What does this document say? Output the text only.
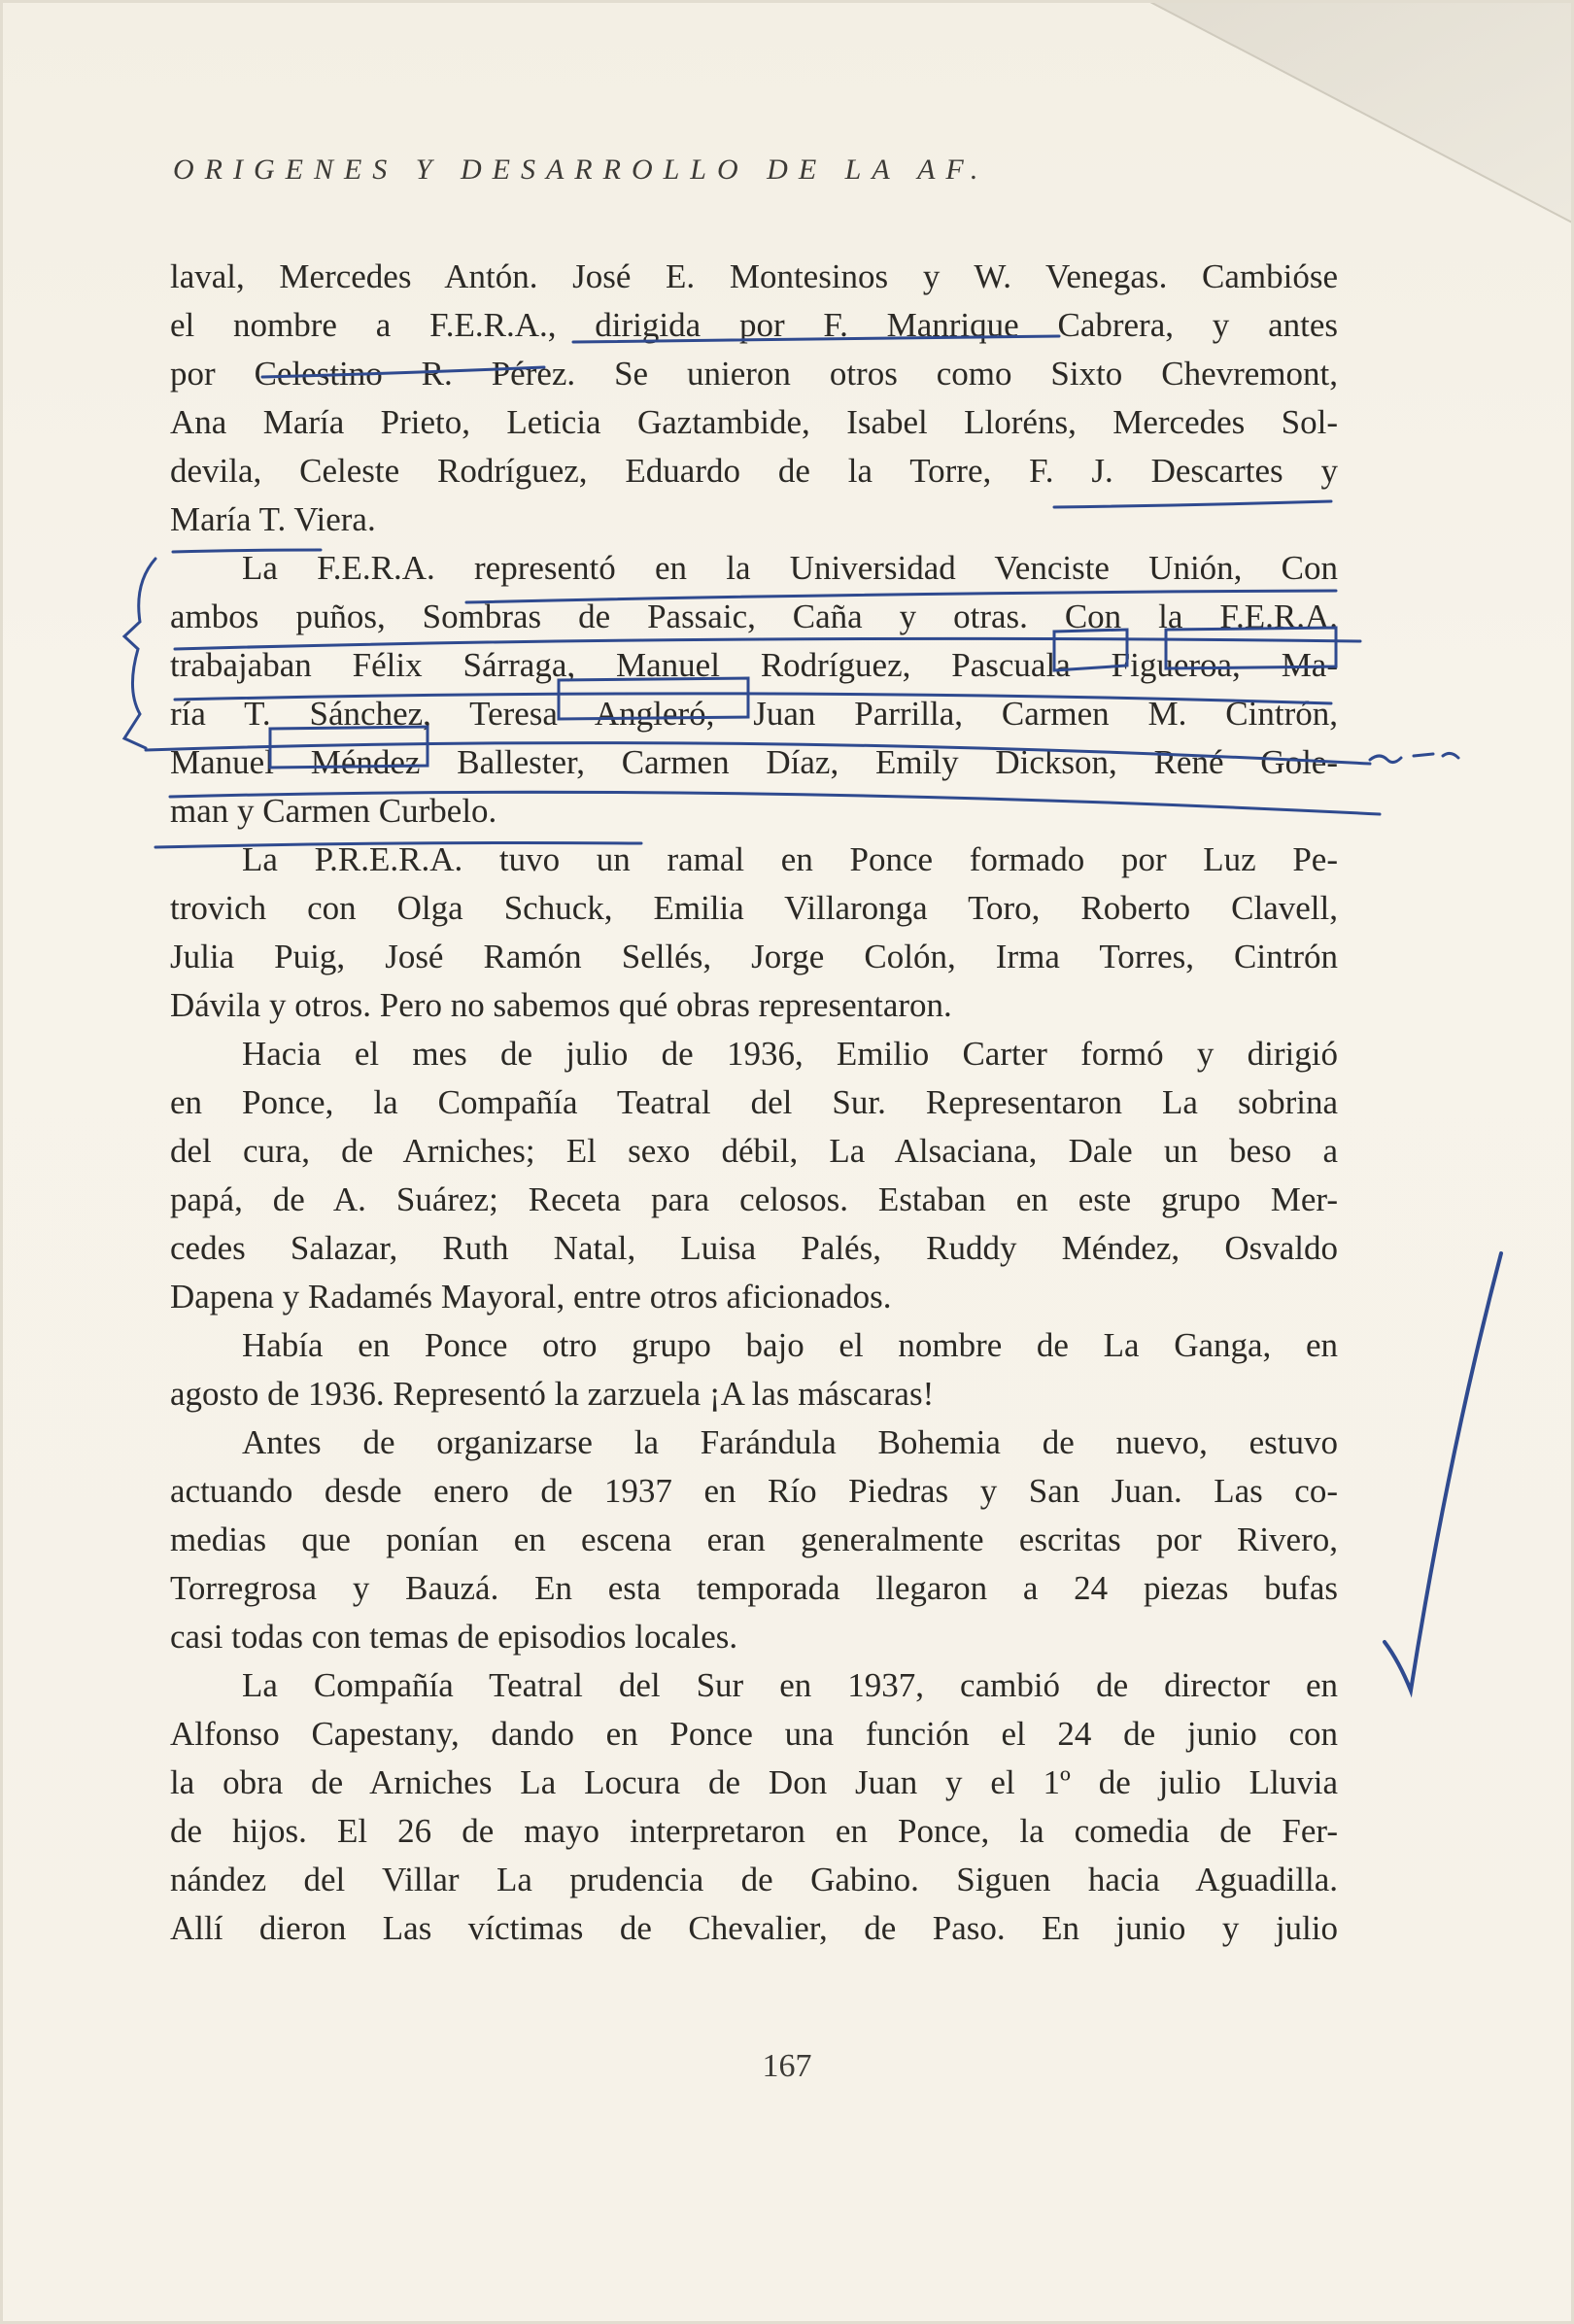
ORIGENES Y DESARROLLO DE LA AF.

laval, Mercedes Antón. José E. Montesinos y W. Venegas. Cambióse
el nombre a F.E.R.A., dirigida por F. Manrique Cabrera, y antes
por Celestino R. Pérez. Se unieron otros como Sixto Chevremont,
Ana María Prieto, Leticia Gaztambide, Isabel Lloréns, Mercedes Sol-
devila, Celeste Rodríguez, Eduardo de la Torre, F. J. Descartes y
María T. Viera.

La F.E.R.A. representó en la Universidad Venciste Unión, Con
ambos puños, Sombras de Passaic, Caña y otras. Con la F.E.R.A.
trabajaban Félix Sárraga, Manuel Rodríguez, Pascuala Figueroa, Ma-
ría T. Sánchez, Teresa Angleró, Juan Parrilla, Carmen M. Cintrón,
Manuel Méndez Ballester, Carmen Díaz, Emily Dickson, René Gole-
man y Carmen Curbelo.

La P.R.E.R.A. tuvo un ramal en Ponce formado por Luz Pe-
trovich con Olga Schuck, Emilia Villaronga Toro, Roberto Clavell,
Julia Puig, José Ramón Sellés, Jorge Colón, Irma Torres, Cintrón
Dávila y otros. Pero no sabemos qué obras representaron.

Hacia el mes de julio de 1936, Emilio Carter formó y dirigió
en Ponce, la Compañía Teatral del Sur. Representaron La sobrina
del cura, de Arniches; El sexo débil, La Alsaciana, Dale un beso a
papá, de A. Suárez; Receta para celosos. Estaban en este grupo Mer-
cedes Salazar, Ruth Natal, Luisa Palés, Ruddy Méndez, Osvaldo
Dapena y Radamés Mayoral, entre otros aficionados.

Había en Ponce otro grupo bajo el nombre de La Ganga, en
agosto de 1936. Representó la zarzuela ¡A las máscaras!

Antes de organizarse la Farándula Bohemia de nuevo, estuvo
actuando desde enero de 1937 en Río Piedras y San Juan. Las co-
medias que ponían en escena eran generalmente escritas por Rivero,
Torregrosa y Bauzá. En esta temporada llegaron a 24 piezas bufas
casi todas con temas de episodios locales.

La Compañía Teatral del Sur en 1937, cambió de director en
Alfonso Capestany, dando en Ponce una función el 24 de junio con
la obra de Arniches La Locura de Don Juan y el 1º de julio Lluvia
de hijos. El 26 de mayo interpretaron en Ponce, la comedia de Fer-
nández del Villar La prudencia de Gabino. Siguen hacia Aguadilla.
Allí dieron Las víctimas de Chevalier, de Paso. En junio y julio

167
